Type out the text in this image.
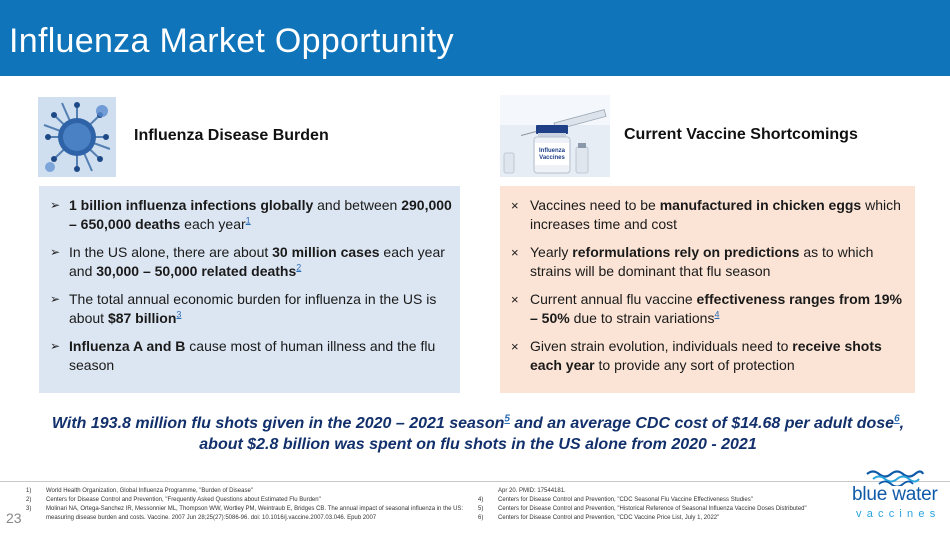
Influenza Market Opportunity
Influenza Disease Burden
Influenza
Vaccines
Current Vaccine Shortcomings
➢ 1 billion influenza infections globally and between 290,000 – 650,000 deaths each year$^1$
➢ In the US alone, there are about 30 million cases each year and 30,000 – 50,000 related deaths$^2$
➢ The total annual economic burden for influenza in the US is about $87 billion$^3$
➢ Influenza A and B cause most of human illness and the flu season
× Vaccines need to be manufactured in chicken eggs which increases time and cost
× Yearly reformulations rely on predictions as to which strains will be dominant that flu season
× Current annual flu vaccine effectiveness ranges from 19% – 50% due to strain variations$^4$
× Given strain evolution, individuals need to receive shots each year to provide any sort of protection
With 193.8 million flu shots given in the 2020 – 2021 season$^5$ and an average CDC cost of $14.68 per adult dose$^6$, about $2.8 billion was spent on flu shots in the US alone from 2020 - 2021
23
1)	World Health Organization, Global Influenza Programme, "Burden of Disease"
2)	Centers for Disease Control and Prevention, "Frequently Asked Questions about Estimated Flu Burden"
3)	Molinari NA, Ortega-Sanchez IR, Messonnier ML, Thompson WW, Wortley PM, Weintraub E, Bridges CB. The annual impact of seasonal influenza in the US: measuring disease burden and costs. Vaccine. 2007 Jun 28;25(27):5086-96. doi: 10.1016/j.vaccine.2007.03.046. Epub 2007
Apr 20. PMID: 17544181.
4)	Centers for Disease Control and Prevention, "CDC Seasonal Flu Vaccine Effectiveness Studies"
5)	Centers for Disease Control and Prevention, "Historical Reference of Seasonal Influenza Vaccine Doses Distributed"
6)	Centers for Disease Control and Prevention, "CDC Vaccine Price List, July 1, 2022"
blue water
vaccines
